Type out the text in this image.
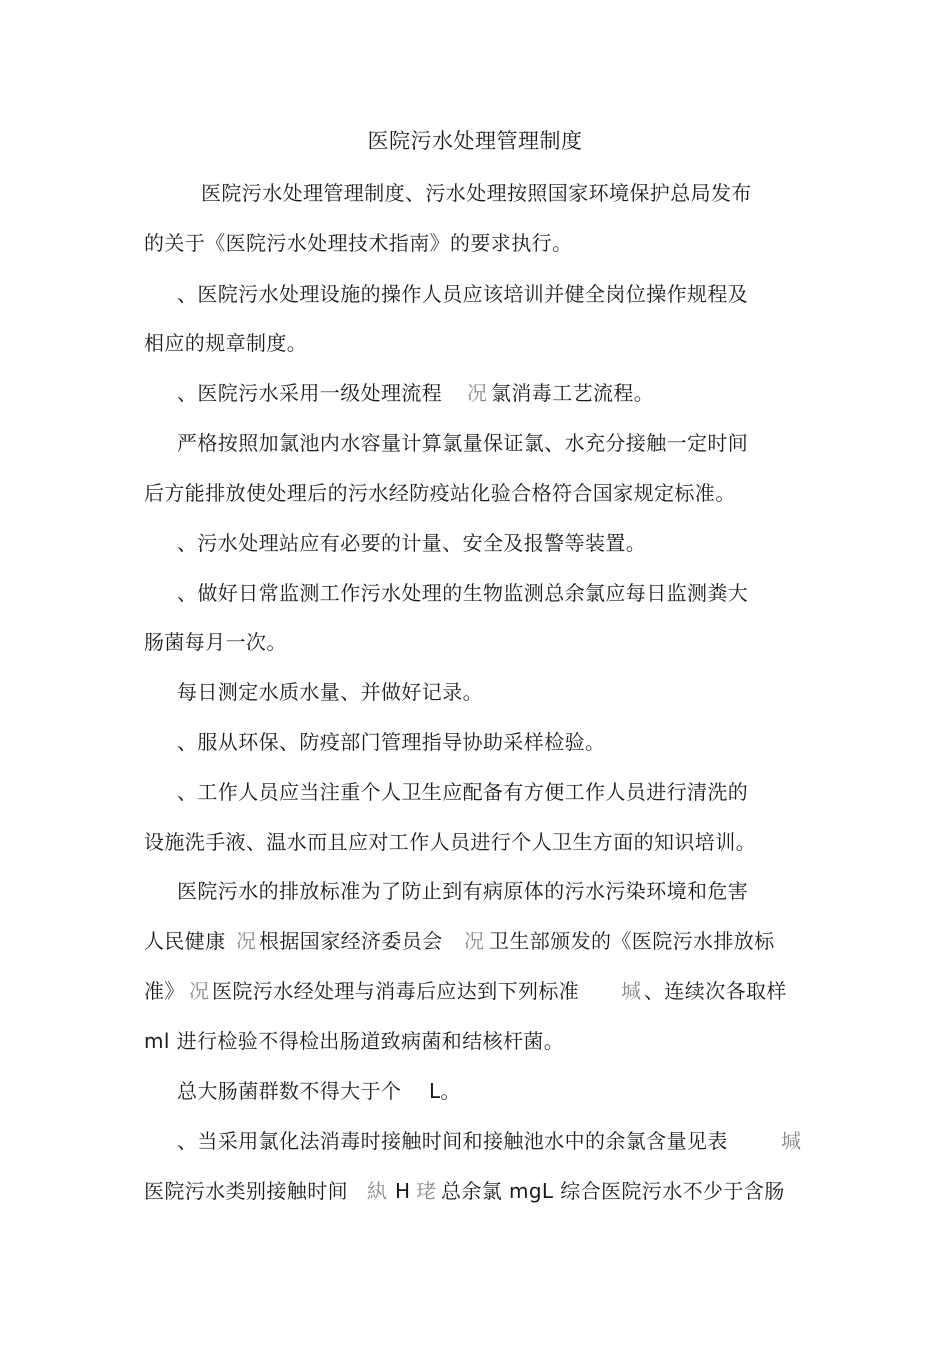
医院污水处理管理制度
医院污水处理管理制度、污水处理按照国家环境保护总局发布
的关于《医院污水处理技术指南》的要求执行。
、医院污水处理设施的操作人员应该培训并健全岗位操作规程及
相应的规章制度。
、医院污水采用一级处理流程 况 氯消毒工艺流程。
严格按照加氯池内水容量计算氯量保证氯、水充分接触一定时间
后方能排放使处理后的污水经防疫站化验合格符合国家规定标准。
、污水处理站应有必要的计量、安全及报警等装置。
、做好日常监测工作污水处理的生物监测总余氯应每日监测粪大
肠菌每月一次。
每日测定水质水量、并做好记录。
、服从环保、防疫部门管理指导协助采样检验。
、工作人员应当注重个人卫生应配备有方便工作人员进行清洗的
设施洗手液、温水而且应对工作人员进行个人卫生方面的知识培训。
医院污水的排放标准为了防止到有病原体的污水污染环境和危害
人民健康 况 根据国家经济委员会 况 卫生部颁发的《医院污水排放标
准》 况 医院污水经处理与消毒后应达到下列标准 堿 、连续次各取样
ml 进行检验不得检出肠道致病菌和结核杆菌。
总大肠菌群数不得大于个 L。
、当采用氯化法消毒时接触时间和接触池水中的余氯含量见表	堿
医院污水类别接触时间 紈 H 珯 总余氯 mgL 综合医院污水不少于含肠
